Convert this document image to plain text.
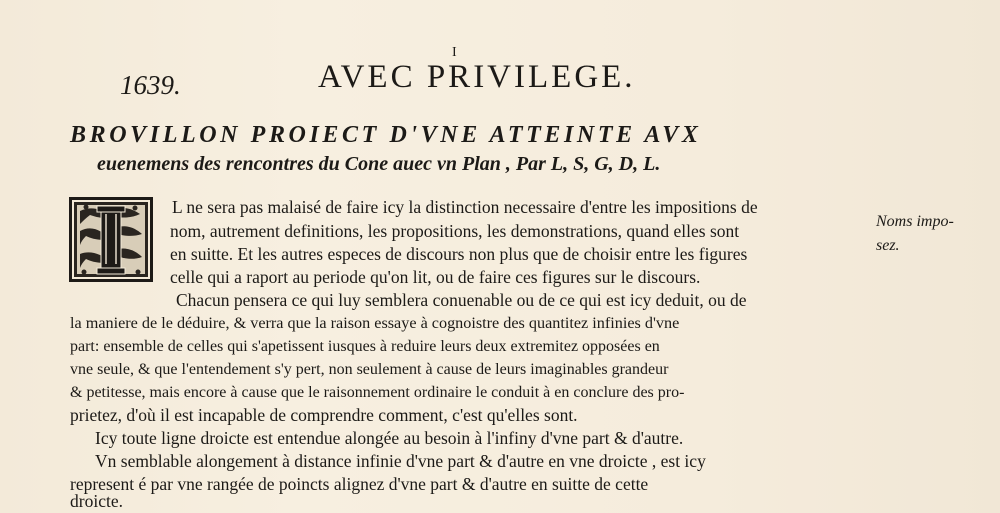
I
1639.	AVEC PRIVILEGE.
BROVILLON PROIECT D'VNE ATTEINTE AVX
euenemens des rencontres du Cone auec vn Plan , Par L, S, G, D, L.
L ne sera pas malaisé de faire icy la distinction necessaire d'entre les impositions de
nom, autrement definitions, les propositions, les demonstrations, quand elles sont
en suitte. Et les autres especes de discours non plus que de choisir entre les figures
celle qui a raport au periode qu'on lit, ou de faire ces figures sur le discours.
Chacun pensera ce qui luy semblera conuenable ou de ce qui est icy deduit, ou de
la maniere de le déduire, & verra que la raison essaye à cognoistre des quantitez infinies d'vne
part: ensemble de celles qui s'apetissent iusques à reduire leurs deux extremitez opposées en
vne seule, & que l'entendement s'y pert, non seulement à cause de leurs imaginables grandeur
& petitesse, mais encore à cause que le raisonnement ordinaire le conduit à en conclure des pro-
prietez, d'où il est incapable de comprendre comment, c'est qu'elles sont.
Icy toute ligne droicte est entendue alongée au besoin à l'infiny d'vne part & d'autre.
Vn semblable alongement à distance infinie d'vne part & d'autre en vne droicte , est icy
represent é par vne rangée de poincts alignez d'vne part & d'autre en suitte de cette
droicte.
Noms impo-
sez.
